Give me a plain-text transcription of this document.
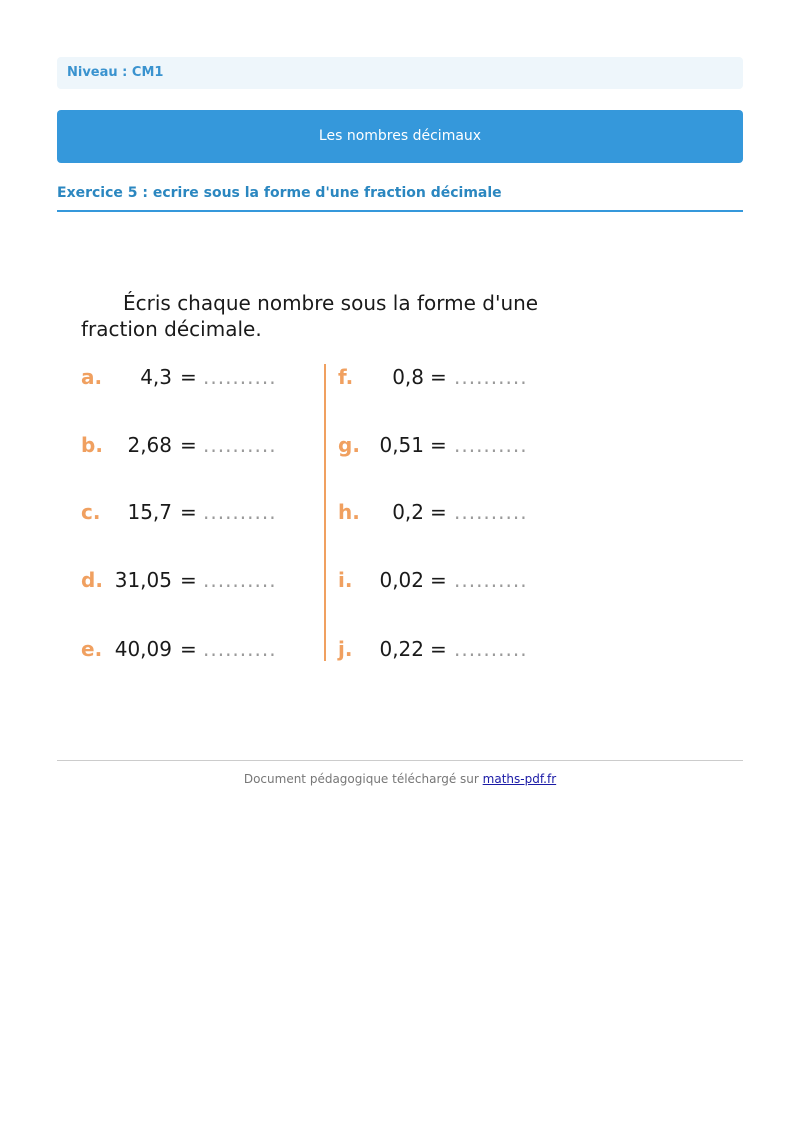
Niveau : CM1
Les nombres décimaux
Exercice 5 : ecrire sous la forme d'une fraction décimale
Écris chaque nombre sous la forme d'une fraction décimale.
a.	4,3 = ..........
b.	2,68 = ..........
c.	15,7 = ..........
d. 31,05 = ..........
e. 40,09 = ..........
f.	0,8 = ..........
g. 0,51 = ..........
h.	0,2 = ..........
i.	0,02 = ..........
j.	0,22 = ..........
Document pédagogique téléchargé sur maths-pdf.fr
